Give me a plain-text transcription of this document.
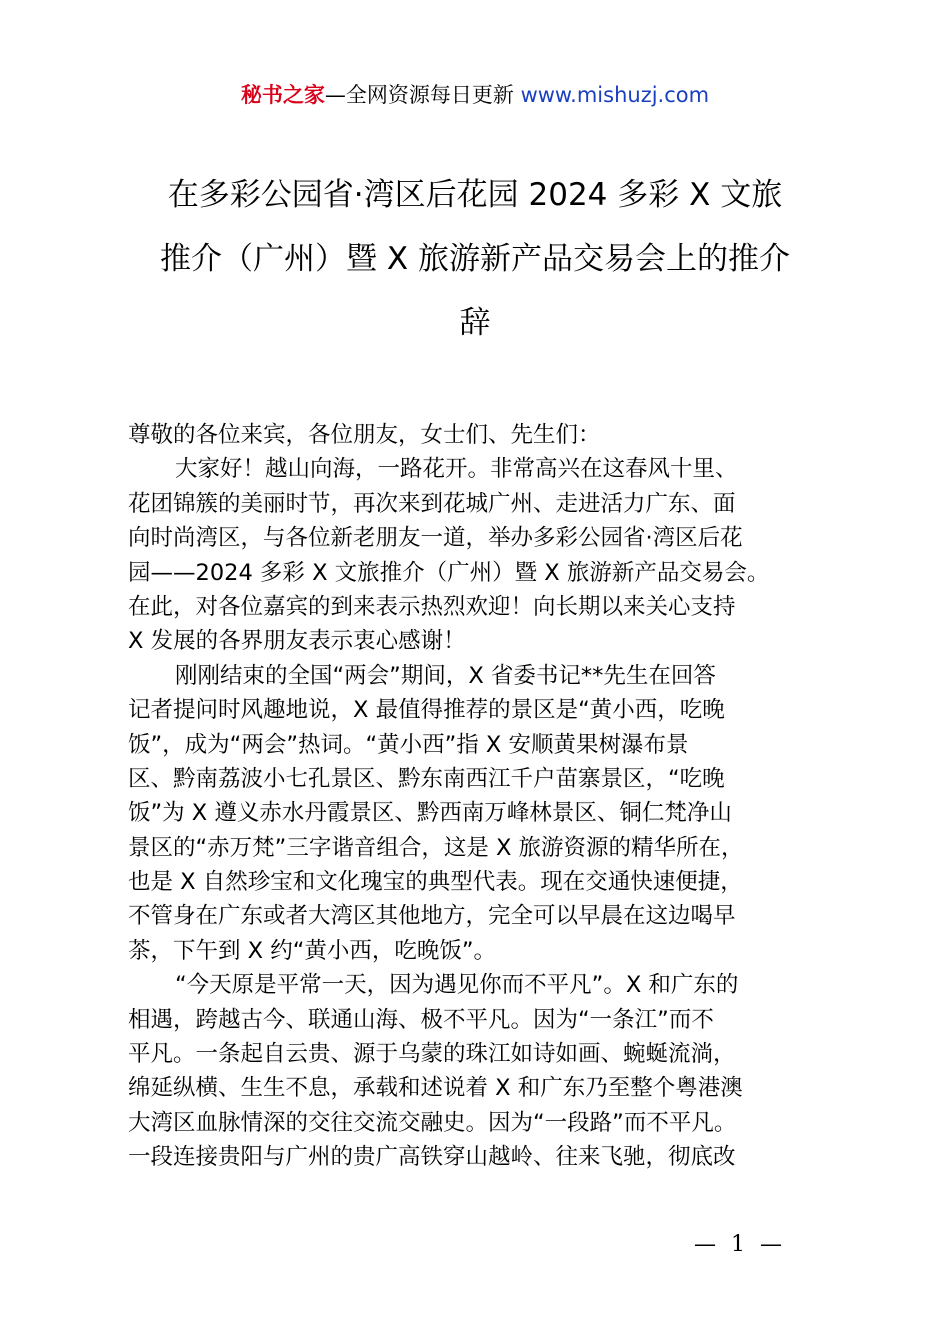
秘书之家—全网资源每日更新 www.mishuzj.com
在多彩公园省·湾区后花园 2024 多彩 X 文旅
推介（广州）暨 X 旅游新产品交易会上的推介
辞
尊敬的各位来宾，各位朋友，女士们、先生们：
大家好！越山向海，一路花开。非常高兴在这春风十里、
花团锦簇的美丽时节，再次来到花城广州、走进活力广东、面
向时尚湾区，与各位新老朋友一道，举办多彩公园省·湾区后花
园——2024 多彩 X 文旅推介（广州）暨 X 旅游新产品交易会。
在此，对各位嘉宾的到来表示热烈欢迎！向长期以来关心支持
X 发展的各界朋友表示衷心感谢！
刚刚结束的全国“两会”期间，X 省委书记**先生在回答
记者提问时风趣地说，X 最值得推荐的景区是“黄小西，吃晚
饭”，成为“两会”热词。“黄小西”指 X 安顺黄果树瀑布景
区、黔南荔波小七孔景区、黔东南西江千户苗寨景区，“吃晚
饭”为 X 遵义赤水丹霞景区、黔西南万峰林景区、铜仁梵净山
景区的“赤万梵”三字谐音组合，这是 X 旅游资源的精华所在，
也是 X 自然珍宝和文化瑰宝的典型代表。现在交通快速便捷，
不管身在广东或者大湾区其他地方，完全可以早晨在这边喝早
茶，下午到 X 约“黄小西，吃晚饭”。
“今天原是平常一天，因为遇见你而不平凡”。X 和广东的
相遇，跨越古今、联通山海、极不平凡。因为“一条江”而不
平凡。一条起自云贵、源于乌蒙的珠江如诗如画、蜿蜒流淌，
绵延纵横、生生不息，承载和述说着 X 和广东乃至整个粤港澳
大湾区血脉情深的交往交流交融史。因为“一段路”而不平凡。
一段连接贵阳与广州的贵广高铁穿山越岭、往来飞驰，彻底改
— 1 —
